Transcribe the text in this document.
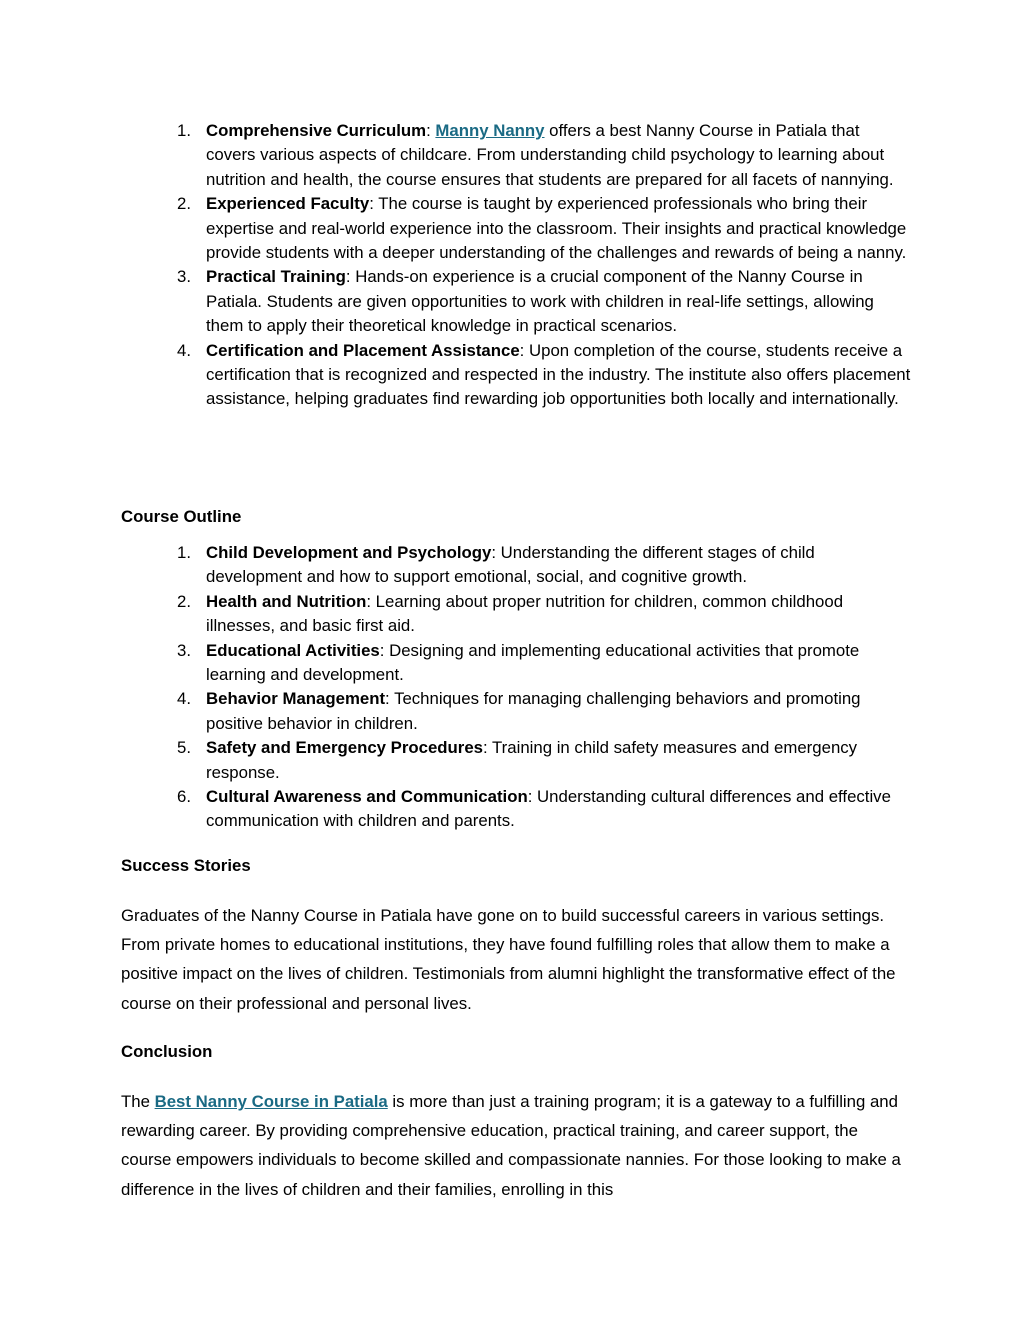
1. Comprehensive Curriculum: Manny Nanny offers a best Nanny Course in Patiala that covers various aspects of childcare. From understanding child psychology to learning about nutrition and health, the course ensures that students are prepared for all facets of nannying.
2. Experienced Faculty: The course is taught by experienced professionals who bring their expertise and real-world experience into the classroom. Their insights and practical knowledge provide students with a deeper understanding of the challenges and rewards of being a nanny.
3. Practical Training: Hands-on experience is a crucial component of the Nanny Course in Patiala. Students are given opportunities to work with children in real-life settings, allowing them to apply their theoretical knowledge in practical scenarios.
4. Certification and Placement Assistance: Upon completion of the course, students receive a certification that is recognized and respected in the industry. The institute also offers placement assistance, helping graduates find rewarding job opportunities both locally and internationally.
Course Outline
1. Child Development and Psychology: Understanding the different stages of child development and how to support emotional, social, and cognitive growth.
2. Health and Nutrition: Learning about proper nutrition for children, common childhood illnesses, and basic first aid.
3. Educational Activities: Designing and implementing educational activities that promote learning and development.
4. Behavior Management: Techniques for managing challenging behaviors and promoting positive behavior in children.
5. Safety and Emergency Procedures: Training in child safety measures and emergency response.
6. Cultural Awareness and Communication: Understanding cultural differences and effective communication with children and parents.
Success Stories

Graduates of the Nanny Course in Patiala have gone on to build successful careers in various settings. From private homes to educational institutions, they have found fulfilling roles that allow them to make a positive impact on the lives of children. Testimonials from alumni highlight the transformative effect of the course on their professional and personal lives.

Conclusion

The Best Nanny Course in Patiala is more than just a training program; it is a gateway to a fulfilling and rewarding career. By providing comprehensive education, practical training, and career support, the course empowers individuals to become skilled and compassionate nannies. For those looking to make a difference in the lives of children and their families, enrolling in this
